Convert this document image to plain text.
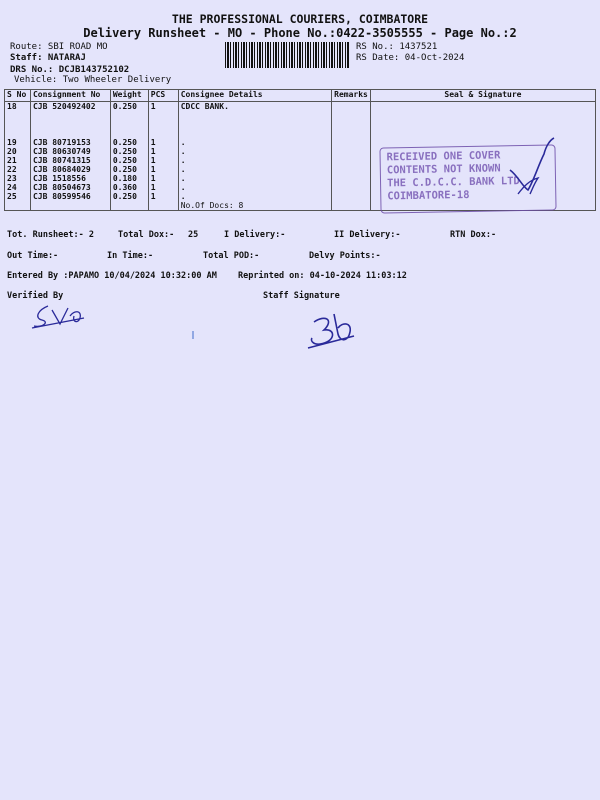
THE PROFESSIONAL COURIERS, COIMBATORE
Delivery Runsheet - MO - Phone No.:0422-3505555 - Page No.:2
Route: SBI ROAD MO
Staff: NATARAJ
DRS No.: DCJB143752102
Vehicle: Two Wheeler Delivery
RS No.: 1437521
RS Date: 04-Oct-2024
S No	Consignment No	Weight	PCS	Consignee Details	Remarks	Seal & Signature
18	CJB 520492402	0.250	1	CDCC BANK.		
19	CJB 80719153	0.250	1	.		
20	CJB 80630749	0.250	1	.		
21	CJB 80741315	0.250	1	.		
22	CJB 80684029	0.250	1	.		
23	CJB 1518556	0.180	1	.		
24	CJB 80504673	0.360	1	.		
25	CJB 80599546	0.250	1	.		
				No.Of Docs: 8		
RECEIVED ONE COVER
CONTENTS NOT KNOWN
THE C.D.C.C. BANK LTD
COIMBATORE-18
Tot. Runsheet:- 2	Total Dox:- 25	I Delivery:-	II Delivery:-	RTN Dox:-
Out Time:-	In Time:-	Total POD:-	Delvy Points:-
Entered By :PAPAMO 10/04/2024 10:32:00 AM Reprinted on: 04-10-2024 11:03:12
Verified By	Staff Signature
